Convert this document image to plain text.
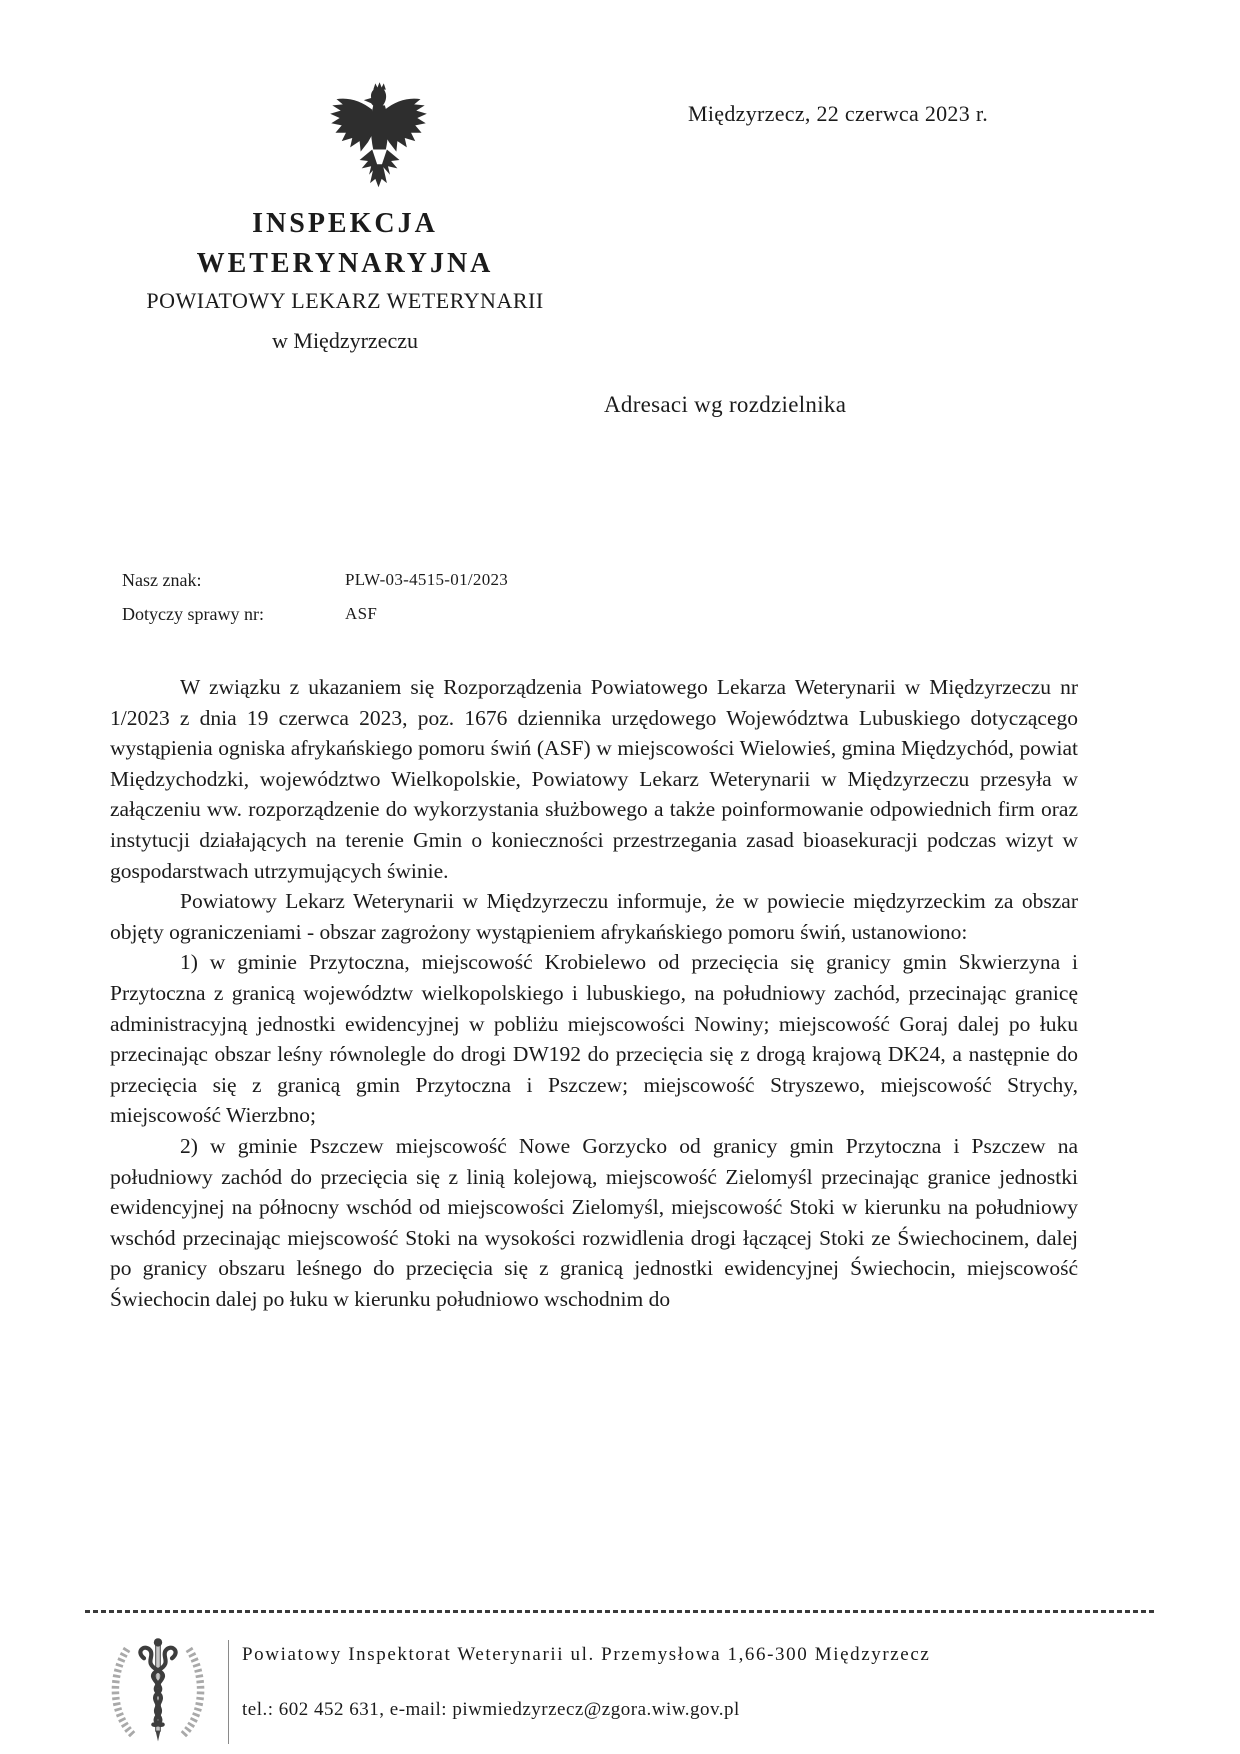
Międzyrzecz, 22 czerwca 2023 r.
INSPEKCJA
WETERYNARYJNA
POWIATOWY LEKARZ WETERYNARII
w Międzyrzeczu
Adresaci wg rozdzielnika
Nasz znak:	PLW-03-4515-01/2023
Dotyczy sprawy nr:	ASF

W związku z ukazaniem się Rozporządzenia Powiatowego Lekarza Weterynarii w Międzyrzeczu nr 1/2023 z dnia 19 czerwca 2023, poz. 1676 dziennika urzędowego Województwa Lubuskiego dotyczącego wystąpienia ogniska afrykańskiego pomoru świń (ASF) w miejscowości Wielowieś, gmina Międzychód, powiat Międzychodzki, województwo Wielkopolskie, Powiatowy Lekarz Weterynarii w Międzyrzeczu przesyła w załączeniu ww. rozporządzenie do wykorzystania służbowego a także poinformowanie odpowiednich firm oraz instytucji działających na terenie Gmin o konieczności przestrzegania zasad bioasekuracji podczas wizyt w gospodarstwach utrzymujących świnie.

Powiatowy Lekarz Weterynarii w Międzyrzeczu informuje, że w powiecie międzyrzeckim za obszar objęty ograniczeniami - obszar zagrożony wystąpieniem afrykańskiego pomoru świń, ustanowiono:

1) w gminie Przytoczna, miejscowość Krobielewo od przecięcia się granicy gmin Skwierzyna i Przytoczna z granicą województw wielkopolskiego i lubuskiego, na południowy zachód, przecinając granicę administracyjną jednostki ewidencyjnej w pobliżu miejscowości Nowiny; miejscowość Goraj dalej po łuku przecinając obszar leśny równolegle do drogi DW192 do przecięcia się z drogą krajową DK24, a następnie do przecięcia się z granicą gmin Przytoczna i Pszczew; miejscowość Stryszewo, miejscowość Strychy, miejscowość Wierzbno;

2) w gminie Pszczew miejscowość Nowe Gorzycko od granicy gmin Przytoczna i Pszczew na południowy zachód do przecięcia się z linią kolejową, miejscowość Zielomyśl przecinając granice jednostki ewidencyjnej na północny wschód od miejscowości Zielomyśl, miejscowość Stoki w kierunku na południowy wschód przecinając miejscowość Stoki na wysokości rozwidlenia drogi łączącej Stoki ze Świechocinem, dalej po granicy obszaru leśnego do przecięcia się z granicą jednostki ewidencyjnej Świechocin, miejscowość Świechocin dalej po łuku w kierunku południowo wschodnim do

Powiatowy Inspektorat Weterynarii ul. Przemysłowa 1,66-300 Międzyrzecz
tel.: 602 452 631, e-mail: piwmiedzyrzecz@zgora.wiw.gov.pl
